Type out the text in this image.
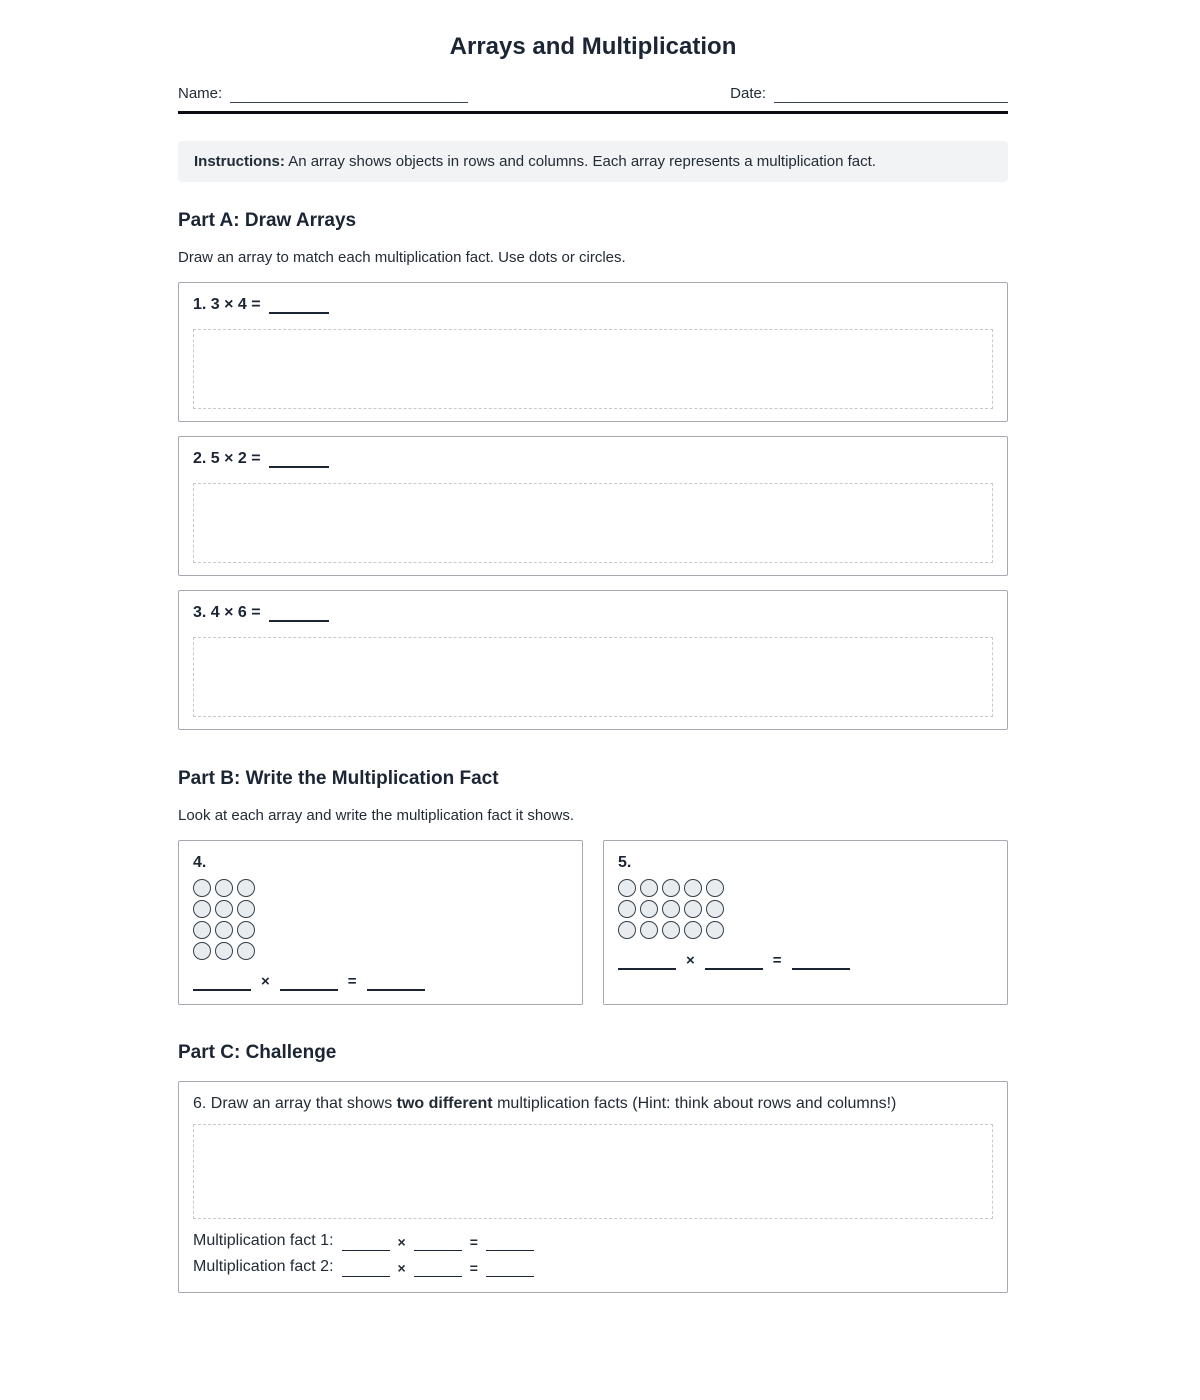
Arrays and Multiplication
Name:	Date:
Instructions: An array shows objects in rows and columns. Each array represents a multiplication fact.
Part A: Draw Arrays

Draw an array to match each multiplication fact. Use dots or circles.

1. 3 × 4 =
2. 5 × 2 =
3. 4 × 6 =
Part B: Write the Multiplication Fact

Look at each array and write the multiplication fact it shows.

4.
×	=
5.
×	=
Part C: Challenge

6. Draw an array that shows two different multiplication facts (Hint: think about rows and columns!)

Multiplication fact 1:	×	=
Multiplication fact 2:	×	=
